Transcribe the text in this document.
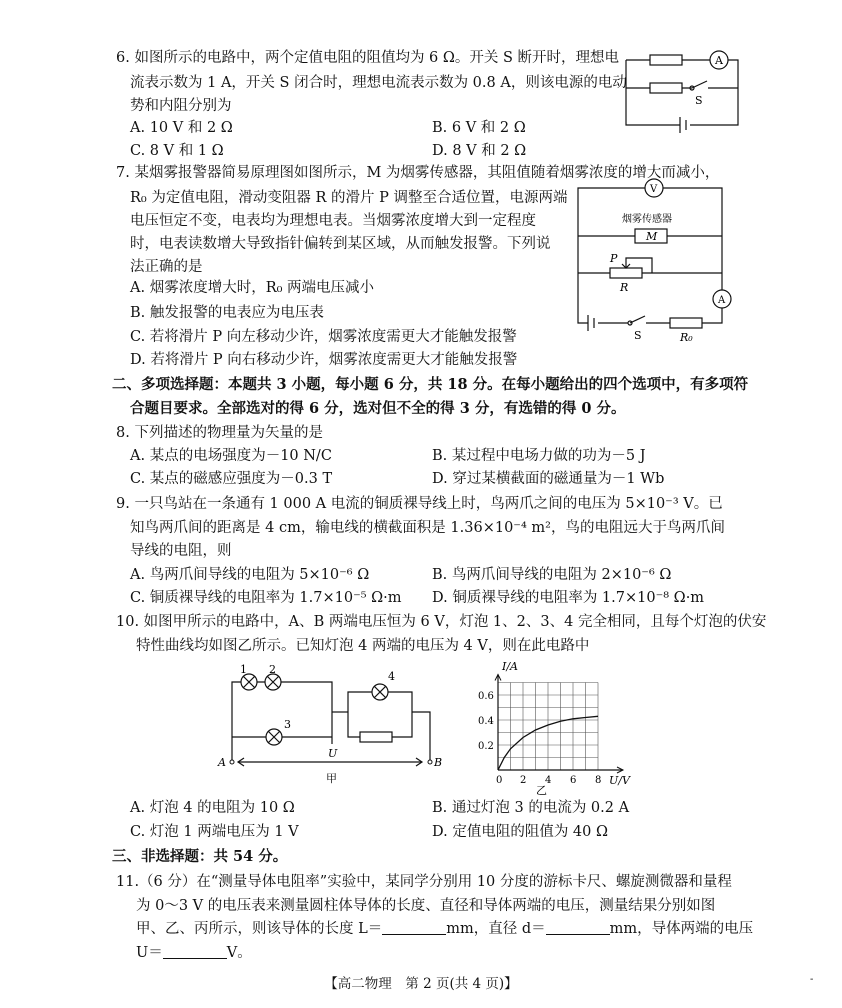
6. 如图所示的电路中，两个定值电阻的阻值均为 6 Ω。开关 S 断开时，理想电
流表示数为 1 A，开关 S 闭合时，理想电流表示数为 0.8 A，则该电源的电动
势和内阻分别为
A. 10 V 和 2 Ω	B. 6 V 和 2 Ω
C. 8 V 和 1 Ω	D. 8 V 和 2 Ω
A
S
7. 某烟雾报警器简易原理图如图所示，M 为烟雾传感器，其阻值随着烟雾浓度的增大而减小，
R₀ 为定值电阻，滑动变阻器 R 的滑片 P 调整至合适位置，电源两端
电压恒定不变，电表均为理想电表。当烟雾浓度增大到一定程度
时，电表读数增大导致指针偏转到某区域，从而触发报警。下列说
法正确的是
A. 烟雾浓度增大时，R₀ 两端电压减小
B. 触发报警的电表应为电压表
C. 若将滑片 P 向左移动少许，烟雾浓度需更大才能触发报警
D. 若将滑片 P 向右移动少许，烟雾浓度需更大才能触发报警
V
烟雾传感器
M
P
R
A
S	R₀
二、多项选择题：本题共 3 小题，每小题 6 分，共 18 分。在每小题给出的四个选项中，有多项符
合题目要求。全部选对的得 6 分，选对但不全的得 3 分，有选错的得 0 分。
8. 下列描述的物理量为矢量的是
A. 某点的电场强度为－10 N/C	B. 某过程中电场力做的功为－5 J
C. 某点的磁感应强度为－0.3 T	D. 穿过某横截面的磁通量为－1 Wb
9. 一只鸟站在一条通有 1 000 A 电流的铜质裸导线上时，鸟两爪之间的电压为 5×10⁻³ V。已
知鸟两爪间的距离是 4 cm，输电线的横截面积是 1.36×10⁻⁴ m²，鸟的电阻远大于鸟两爪间
导线的电阻，则
A. 鸟两爪间导线的电阻为 5×10⁻⁶ Ω	B. 鸟两爪间导线的电阻为 2×10⁻⁶ Ω
C. 铜质裸导线的电阻率为 1.7×10⁻⁵ Ω·m D. 铜质裸导线的电阻率为 1.7×10⁻⁸ Ω·m
10. 如图甲所示的电路中，A、B 两端电压恒为 6 V，灯泡 1、2、3、4 完全相同，且每个灯泡的伏安
特性曲线均如图乙所示。已知灯泡 4 两端的电压为 4 V，则在此电路中
1 2
3
4
A	B
U
甲	2 4 6 8
0.2
0.4
0.6
I/A
U/V
0
乙
A. 灯泡 4 的电阻为 10 Ω	B. 通过灯泡 3 的电流为 0.2 A
C. 灯泡 1 两端电压为 1 V	D. 定值电阻的阻值为 40 Ω
三、非选择题：共 54 分。
11.（6 分）在“测量导体电阻率”实验中，某同学分别用 10 分度的游标卡尺、螺旋测微器和量程
为 0～3 V 的电压表来测量圆柱体导体的长度、直径和导体两端的电压，测量结果分别如图
甲、乙、丙所示，则该导体的长度 L＝	mm，直径 d＝	mm，导体两端的电压
U＝	V。
【高二物理　第 2 页(共 4 页)】	-
